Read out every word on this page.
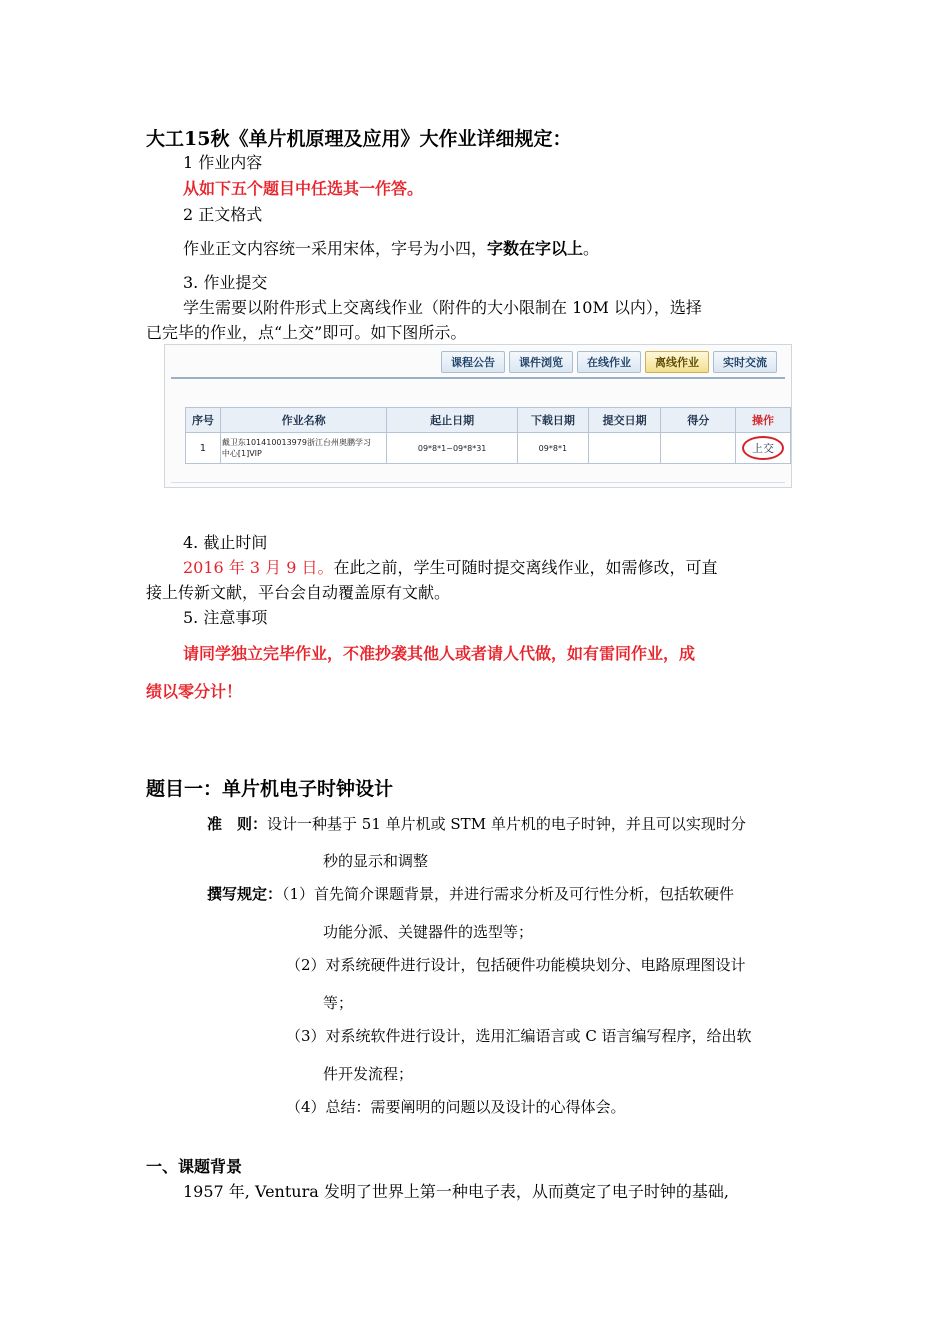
大工15秋《单片机原理及应用》大作业详细规定：
1 作业内容
从如下五个题目中任选其一作答。
2 正文格式
作业正文内容统一采用宋体，字号为小四，字数在字以上。
3. 作业提交
学生需要以附件形式上交离线作业（附件的大小限制在 10M 以内），选择
已完毕的作业，点“上交”即可。如下图所示。
课程公告	课件浏览	在线作业	离线作业	实时交流
序号	作业名称	起止日期	下载日期	提交日期	得分	操作
1	戴卫东101410013979浙江台州奥鹏学习
中心[1]VIP	09*8*1~09*8*31	09*8*1			上交
4. 截止时间
2016 年 3 月 9 日。在此之前，学生可随时提交离线作业，如需修改，可直
接上传新文献，平台会自动覆盖原有文献。
5. 注意事项
请同学独立完毕作业，不准抄袭其他人或者请人代做，如有雷同作业，成
绩以零分计！
题目一：单片机电子时钟设计
准　则：设计一种基于 51 单片机或 STM 单片机的电子时钟，并且可以实现时分
秒的显示和调整
撰写规定：（1）首先简介课题背景，并进行需求分析及可行性分析，包括软硬件
功能分派、关键器件的选型等；
（2）对系统硬件进行设计，包括硬件功能模块划分、电路原理图设计
等；
（3）对系统软件进行设计，选用汇编语言或 C 语言编写程序，给出软
件开发流程；
（4）总结：需要阐明的问题以及设计的心得体会。
一、课题背景
1957 年, Ventura 发明了世界上第一种电子表，从而奠定了电子时钟的基础,
